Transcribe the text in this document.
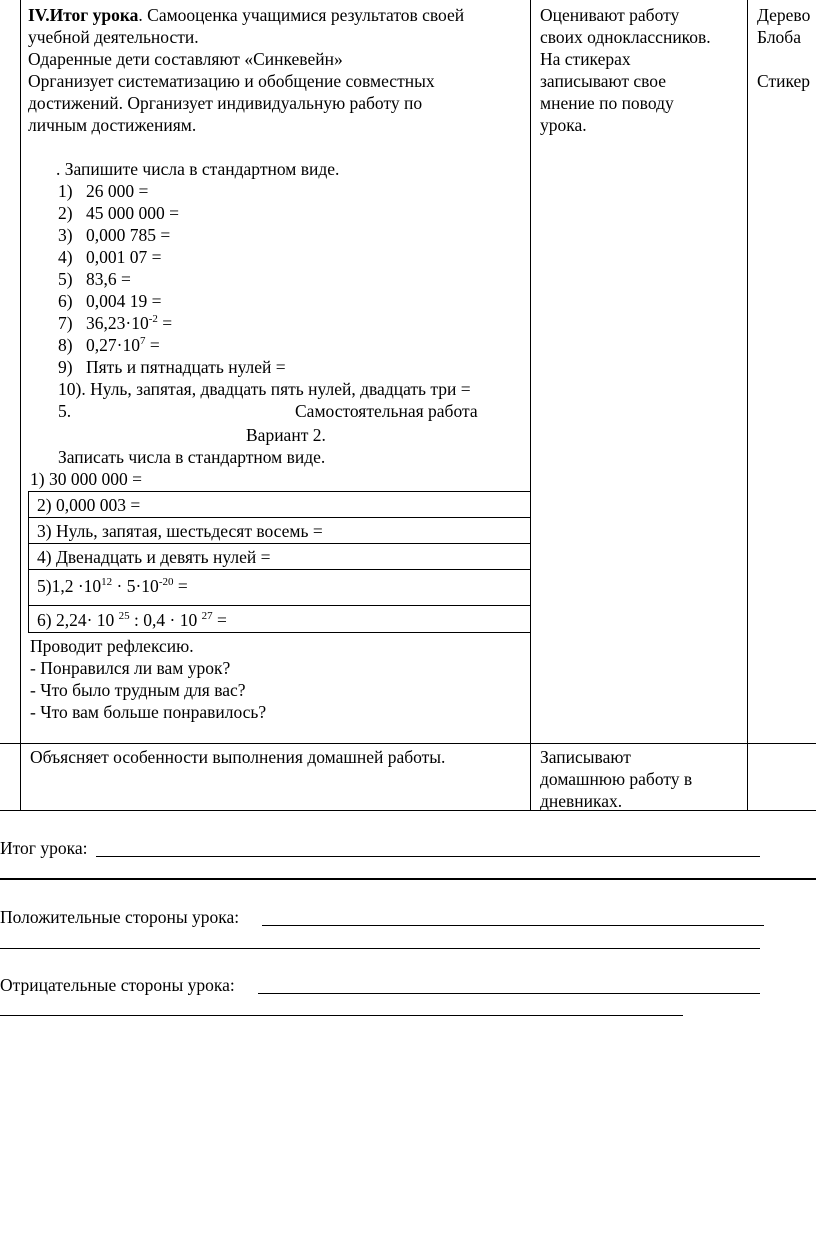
IV.Итог урока. Самооценка учащимися результатов своей
учебной деятельности.
Одаренные дети составляют «Синкевейн»
Организует систематизацию и обобщение совместных
достижений. Организует индивидуальную работу по
личным достижениям.
. Запишите числа в стандартном виде.
1) 26 000 =
2) 45 000 000 =
3) 0,000 785 =
4) 0,001 07 =
5) 83,6 =
6) 0,004 19 =
7) $36,23\cdot 10^{-2}$ =
8) $0,27\cdot 10^7$ =
9) Пять и пятнадцать нулей =
10). Нуль, запятая, двадцать пять нулей, двадцать три =
5.	Самостоятельная работа
Вариант 2.
Записать числа в стандартном виде.
1) 30 000 000 =
2) 0,000 003 =
3) Нуль, запятая, шестьдесят восемь =
4) Двенадцать и девять нулей =
$5)1,2 \cdot 10^{12} \cdot 5\cdot 10^{-20}$ =
6) 2,24· 10 $^{25}$ : 0,4 · 10 $^{27}$ =
Проводит рефлексию.
- Понравился ли вам урок?
- Что было трудным для вас?
- Что вам больше понравилось?
Оценивают работу
своих одноклассников.
На стикерах
записывают свое
мнение по поводу
урока.
Дерево
Блоба
Стикер
Объясняет особенности выполнения домашней работы.	Записывают
домашнюю работу в
дневниках.
Итог урока:
Положительные стороны урока:
Отрицательные стороны урока:
